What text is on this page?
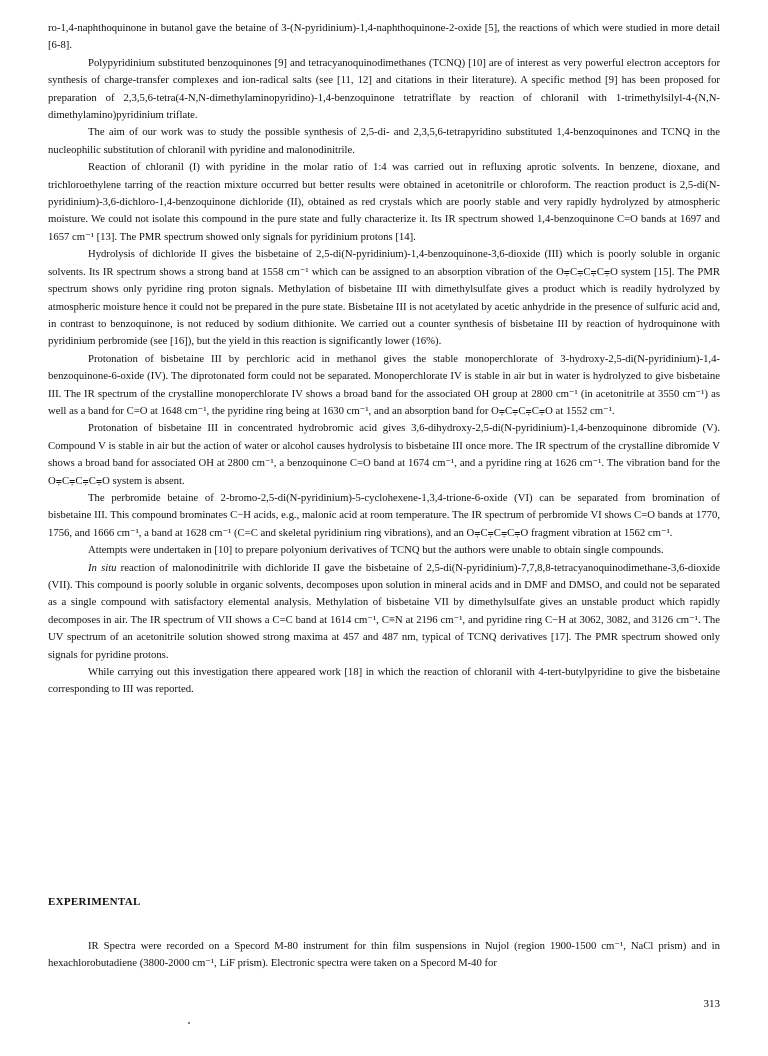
ro-1,4-naphthoquinone in butanol gave the betaine of 3-(N-pyridinium)-1,4-naphthoquinone-2-oxide [5], the reactions of which were studied in more detail [6-8].

Polypyridinium substituted benzoquinones [9] and tetracyanoquinodimethanes (TCNQ) [10] are of interest as very powerful electron acceptors for synthesis of charge-transfer complexes and ion-radical salts (see [11, 12] and citations in their literature). A specific method [9] has been proposed for preparation of 2,3,5,6-tetra(4-N,N-dimethylaminopyridino)-1,4-benzoquinone tetratriflate by reaction of chloranil with 1-trimethylsilyl-4-(N,N-dimethylamino)pyridinium triflate.

The aim of our work was to study the possible synthesis of 2,5-di- and 2,3,5,6-tetrapyridino substituted 1,4-benzoquinones and TCNQ in the nucleophilic substitution of chloranil with pyridine and malonodinitrile.

Reaction of chloranil (I) with pyridine in the molar ratio of 1:4 was carried out in refluxing aprotic solvents. In benzene, dioxane, and trichloroethylene tarring of the reaction mixture occurred but better results were obtained in acetonitrile or chloroform. The reaction product is 2,5-di(N-pyridinium)-3,6-dichloro-1,4-benzoquinone dichloride (II), obtained as red crystals which are poorly stable and very rapidly hydrolyzed by atmospheric moisture. We could not isolate this compound in the pure state and fully characterize it. Its IR spectrum showed 1,4-benzoquinone C=O bands at 1697 and 1657 cm⁻¹ [13]. The PMR spectrum showed only signals for pyridinium protons [14].

Hydrolysis of dichloride II gives the bisbetaine of 2,5-di(N-pyridinium)-1,4-benzoquinone-3,6-dioxide (III) which is poorly soluble in organic solvents. Its IR spectrum shows a strong band at 1558 cm⁻¹ which can be assigned to an absorption vibration of the O⩦C⩦C⩦C⩦O system [15]. The PMR spectrum shows only pyridine ring proton signals. Methylation of bisbetaine III with dimethylsulfate gives a product which is readily hydrolyzed by atmospheric moisture hence it could not be prepared in the pure state. Bisbetaine III is not acetylated by acetic anhydride in the presence of sulfuric acid and, in contrast to benzoquinone, is not reduced by sodium dithionite. We carried out a counter synthesis of bisbetaine III by reaction of hydroquinone with pyridinium perbromide (see [16]), but the yield in this reaction is significantly lower (16%).

Protonation of bisbetaine III by perchloric acid in methanol gives the stable monoperchlorate of 3-hydroxy-2,5-di(N-pyridinium)-1,4-benzoquinone-6-oxide (IV). The diprotonated form could not be separated. Monoperchlorate IV is stable in air but in water is hydrolyzed to give bisbetaine III. The IR spectrum of the crystalline monoperchlorate IV shows a broad band for the associated OH group at 2800 cm⁻¹ (in acetonitrile at 3550 cm⁻¹) as well as a band for C=O at 1648 cm⁻¹, the pyridine ring being at 1630 cm⁻¹, and an absorption band for O⩦C⩦C⩦C⩦O at 1552 cm⁻¹.

Protonation of bisbetaine III in concentrated hydrobromic acid gives 3,6-dihydroxy-2,5-di(N-pyridinium)-1,4-benzoquinone dibromide (V). Compound V is stable in air but the action of water or alcohol causes hydrolysis to bisbetaine III once more. The IR spectrum of the crystalline dibromide V shows a broad band for associated OH at 2800 cm⁻¹, a benzoquinone C=O band at 1674 cm⁻¹, and a pyridine ring at 1626 cm⁻¹. The vibration band for the O⩦C⩦C⩦C⩦O system is absent.

The perbromide betaine of 2-bromo-2,5-di(N-pyridinium)-5-cyclohexene-1,3,4-trione-6-oxide (VI) can be separated from bromination of bisbetaine III. This compound brominates C−H acids, e.g., malonic acid at room temperature. The IR spectrum of perbromide VI shows C=O bands at 1770, 1756, and 1666 cm⁻¹, a band at 1628 cm⁻¹ (C=C and skeletal pyridinium ring vibrations), and an O⩦C⩦C⩦C⩦O fragment vibration at 1562 cm⁻¹.

Attempts were undertaken in [10] to prepare polyonium derivatives of TCNQ but the authors were unable to obtain single compounds.

In situ reaction of malonodinitrile with dichloride II gave the bisbetaine of 2,5-di(N-pyridinium)-7,7,8,8-tetracyanoquinodimethane-3,6-dioxide (VII). This compound is poorly soluble in organic solvents, decomposes upon solution in mineral acids and in DMF and DMSO, and could not be separated as a single compound with satisfactory elemental analysis. Methylation of bisbetaine VII by dimethylsulfate gives an unstable product which rapidly decomposes in air. The IR spectrum of VII shows a C=C band at 1614 cm⁻¹, C≡N at 2196 cm⁻¹, and pyridine ring C−H at 3062, 3082, and 3126 cm⁻¹. The UV spectrum of an acetonitrile solution showed strong maxima at 457 and 487 nm, typical of TCNQ derivatives [17]. The PMR spectrum showed only signals for pyridine protons.

While carrying out this investigation there appeared work [18] in which the reaction of chloranil with 4-tert-butylpyridine to give the bisbetaine corresponding to III was reported.

EXPERIMENTAL

IR Spectra were recorded on a Specord M-80 instrument for thin film suspensions in Nujol (region 1900-1500 cm⁻¹, NaCl prism) and in hexachlorobutadiene (3800-2000 cm⁻¹, LiF prism). Electronic spectra were taken on a Specord M-40 for

313
